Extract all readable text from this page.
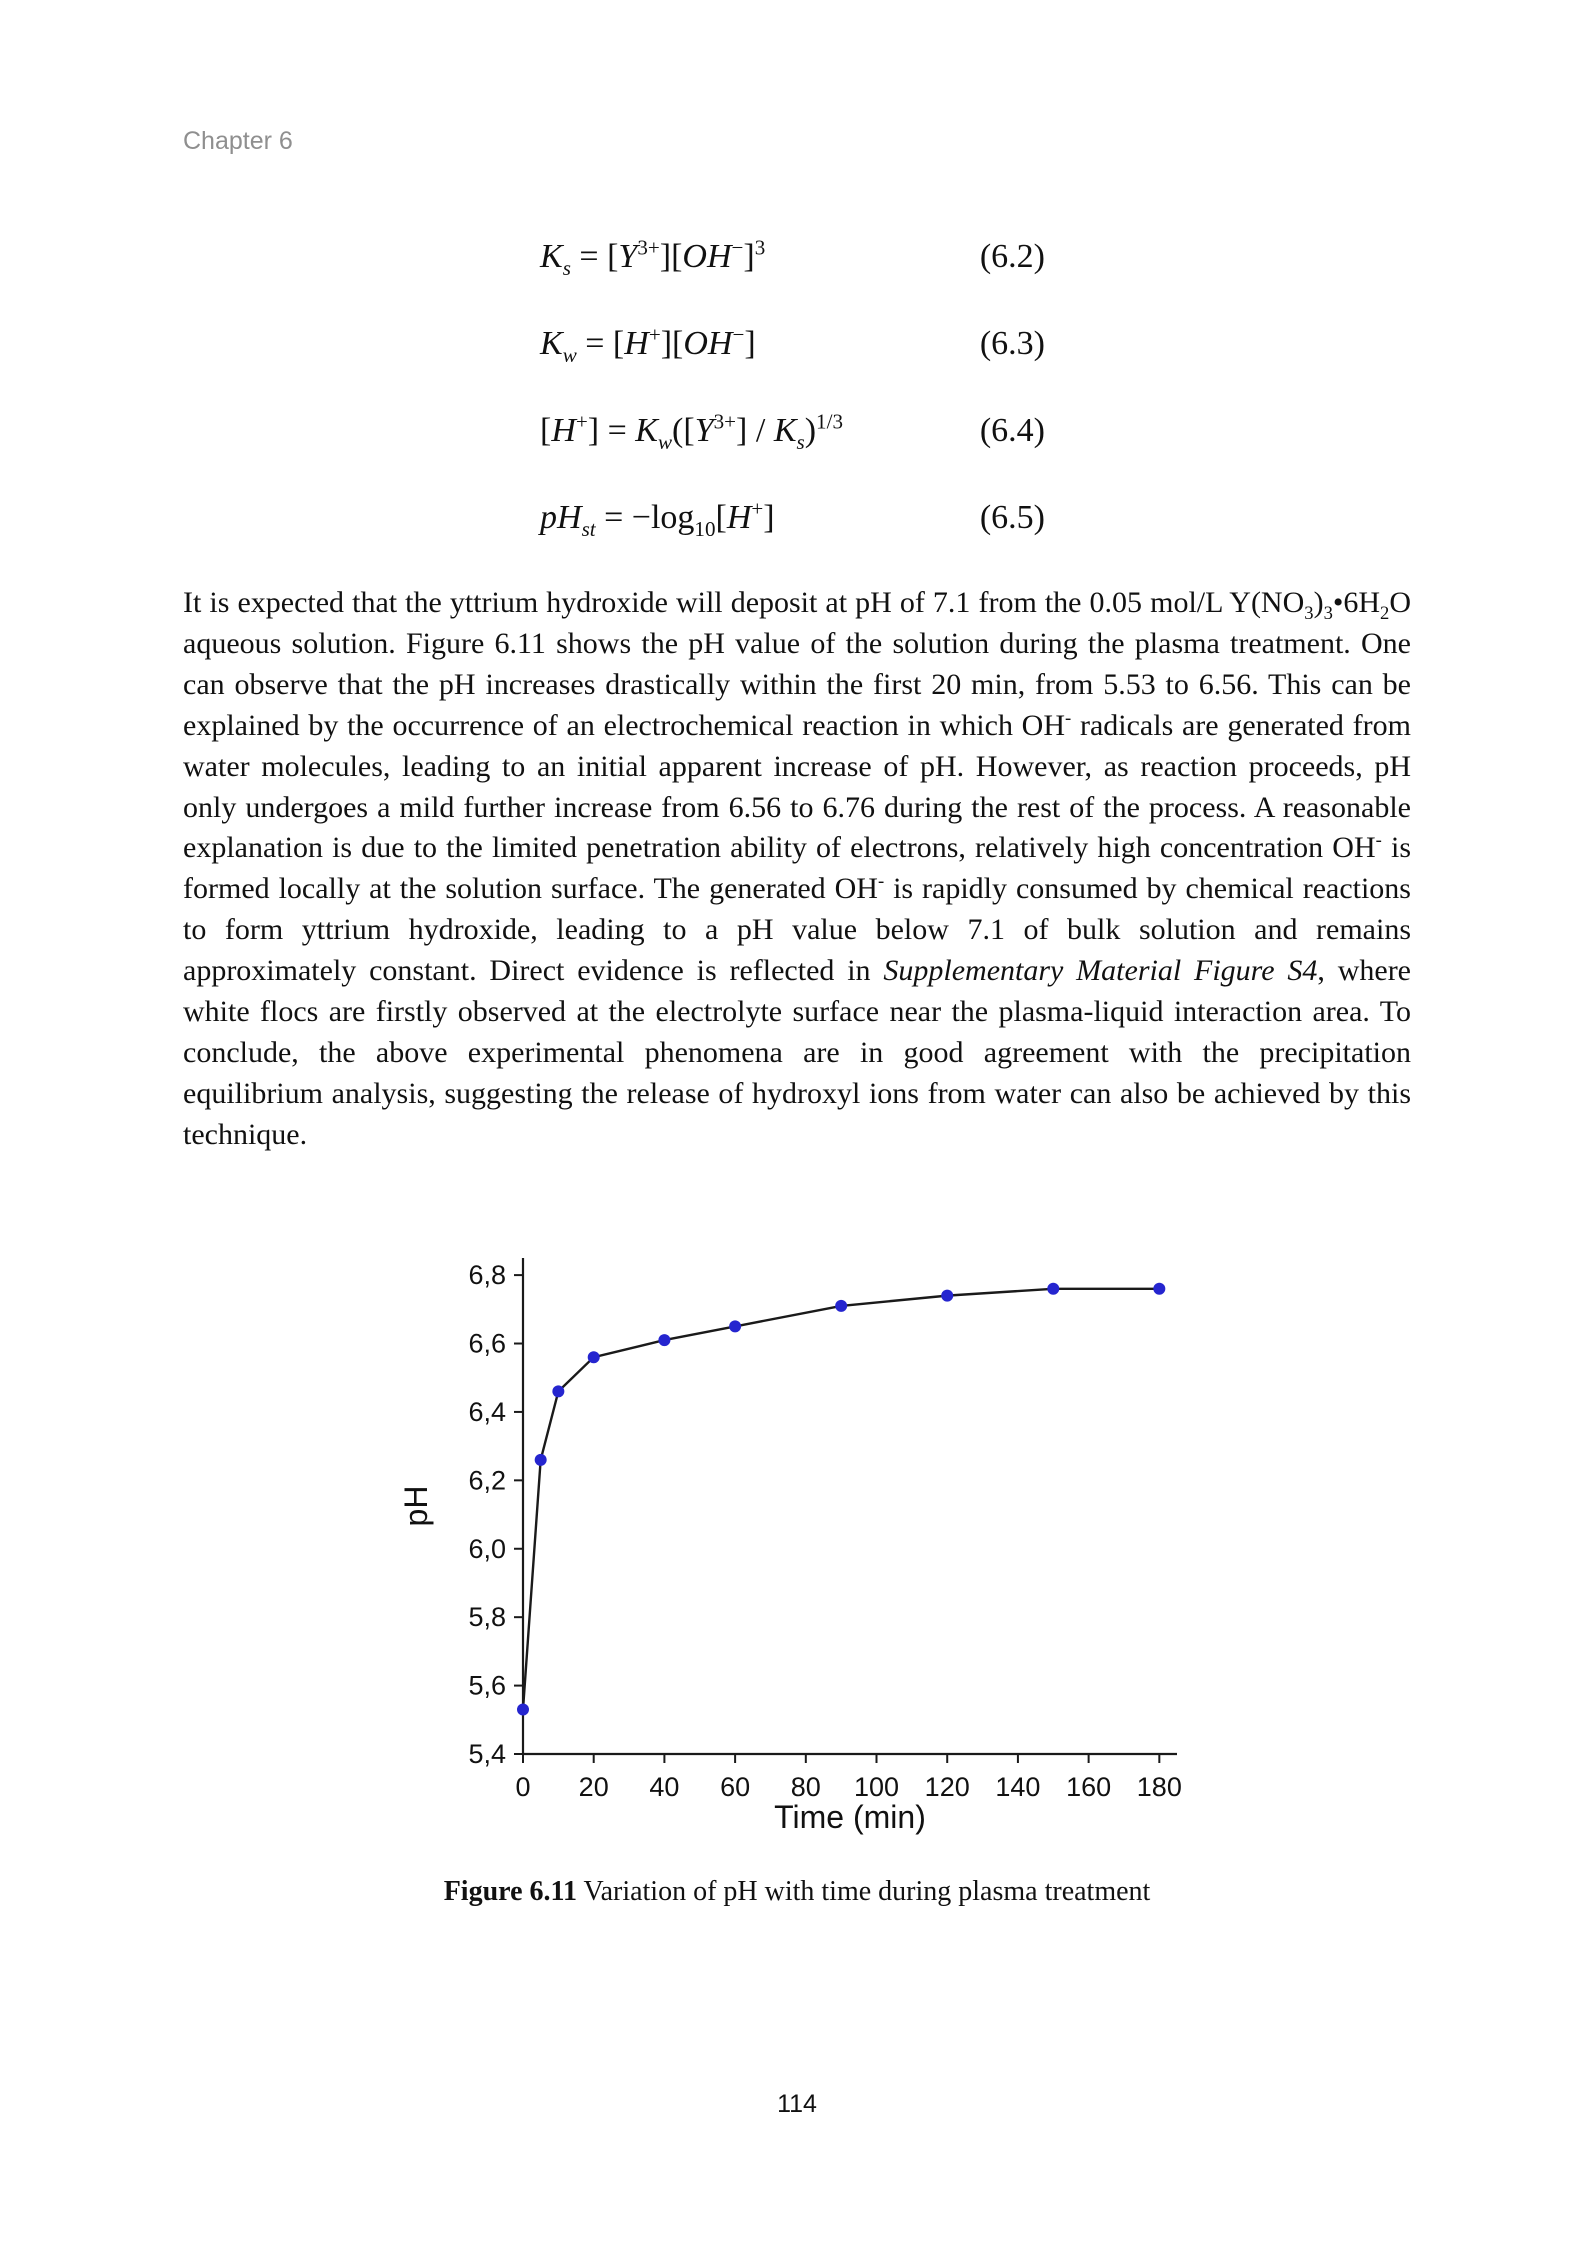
Chapter 6
$K_s = [Y^{3+}][OH^-]^3$	(6.2)
$K_w = [H^+][OH^-]$	(6.3)
$[H^+] = K_w([Y^{3+}] / K_s)^{1/3}$	(6.4)
$pH_{st} = -\log_{10}[H^+]$	(6.5)

It is expected that the yttrium hydroxide will deposit at pH of 7.1 from the 0.05 mol/L $Y(NO_3)_3•6H_2O$ aqueous solution. Figure 6.11 shows the pH value of the solution during the plasma treatment. One can observe that the pH increases drastically within the first 20 min, from 5.53 to 6.56. This can be explained by the occurrence of an electrochemical reaction in which OH- radicals are generated from water molecules, leading to an initial apparent increase of pH. However, as reaction proceeds, pH only undergoes a mild further increase from 6.56 to 6.76 during the rest of the process. A reasonable explanation is due to the limited penetration ability of electrons, relatively high concentration OH- is formed locally at the solution surface. The generated OH- is rapidly consumed by chemical reactions to form yttrium hydroxide, leading to a pH value below 7.1 of bulk solution and remains approximately constant. Direct evidence is reflected in Supplementary Material Figure S4, where white flocs are firstly observed at the electrolyte surface near the plasma-liquid interaction area. To conclude, the above experimental phenomena are in good agreement with the precipitation equilibrium analysis, suggesting the release of hydroxyl ions from water can also be achieved by this technique.

0 20 40 60 80 100 120 140 160 180
5,4
5,6
5,8
6,0
6,2
6,4
6,6
6,8
Time (min)
pH
Figure 6.11 Variation of pH with time during plasma treatment
114
